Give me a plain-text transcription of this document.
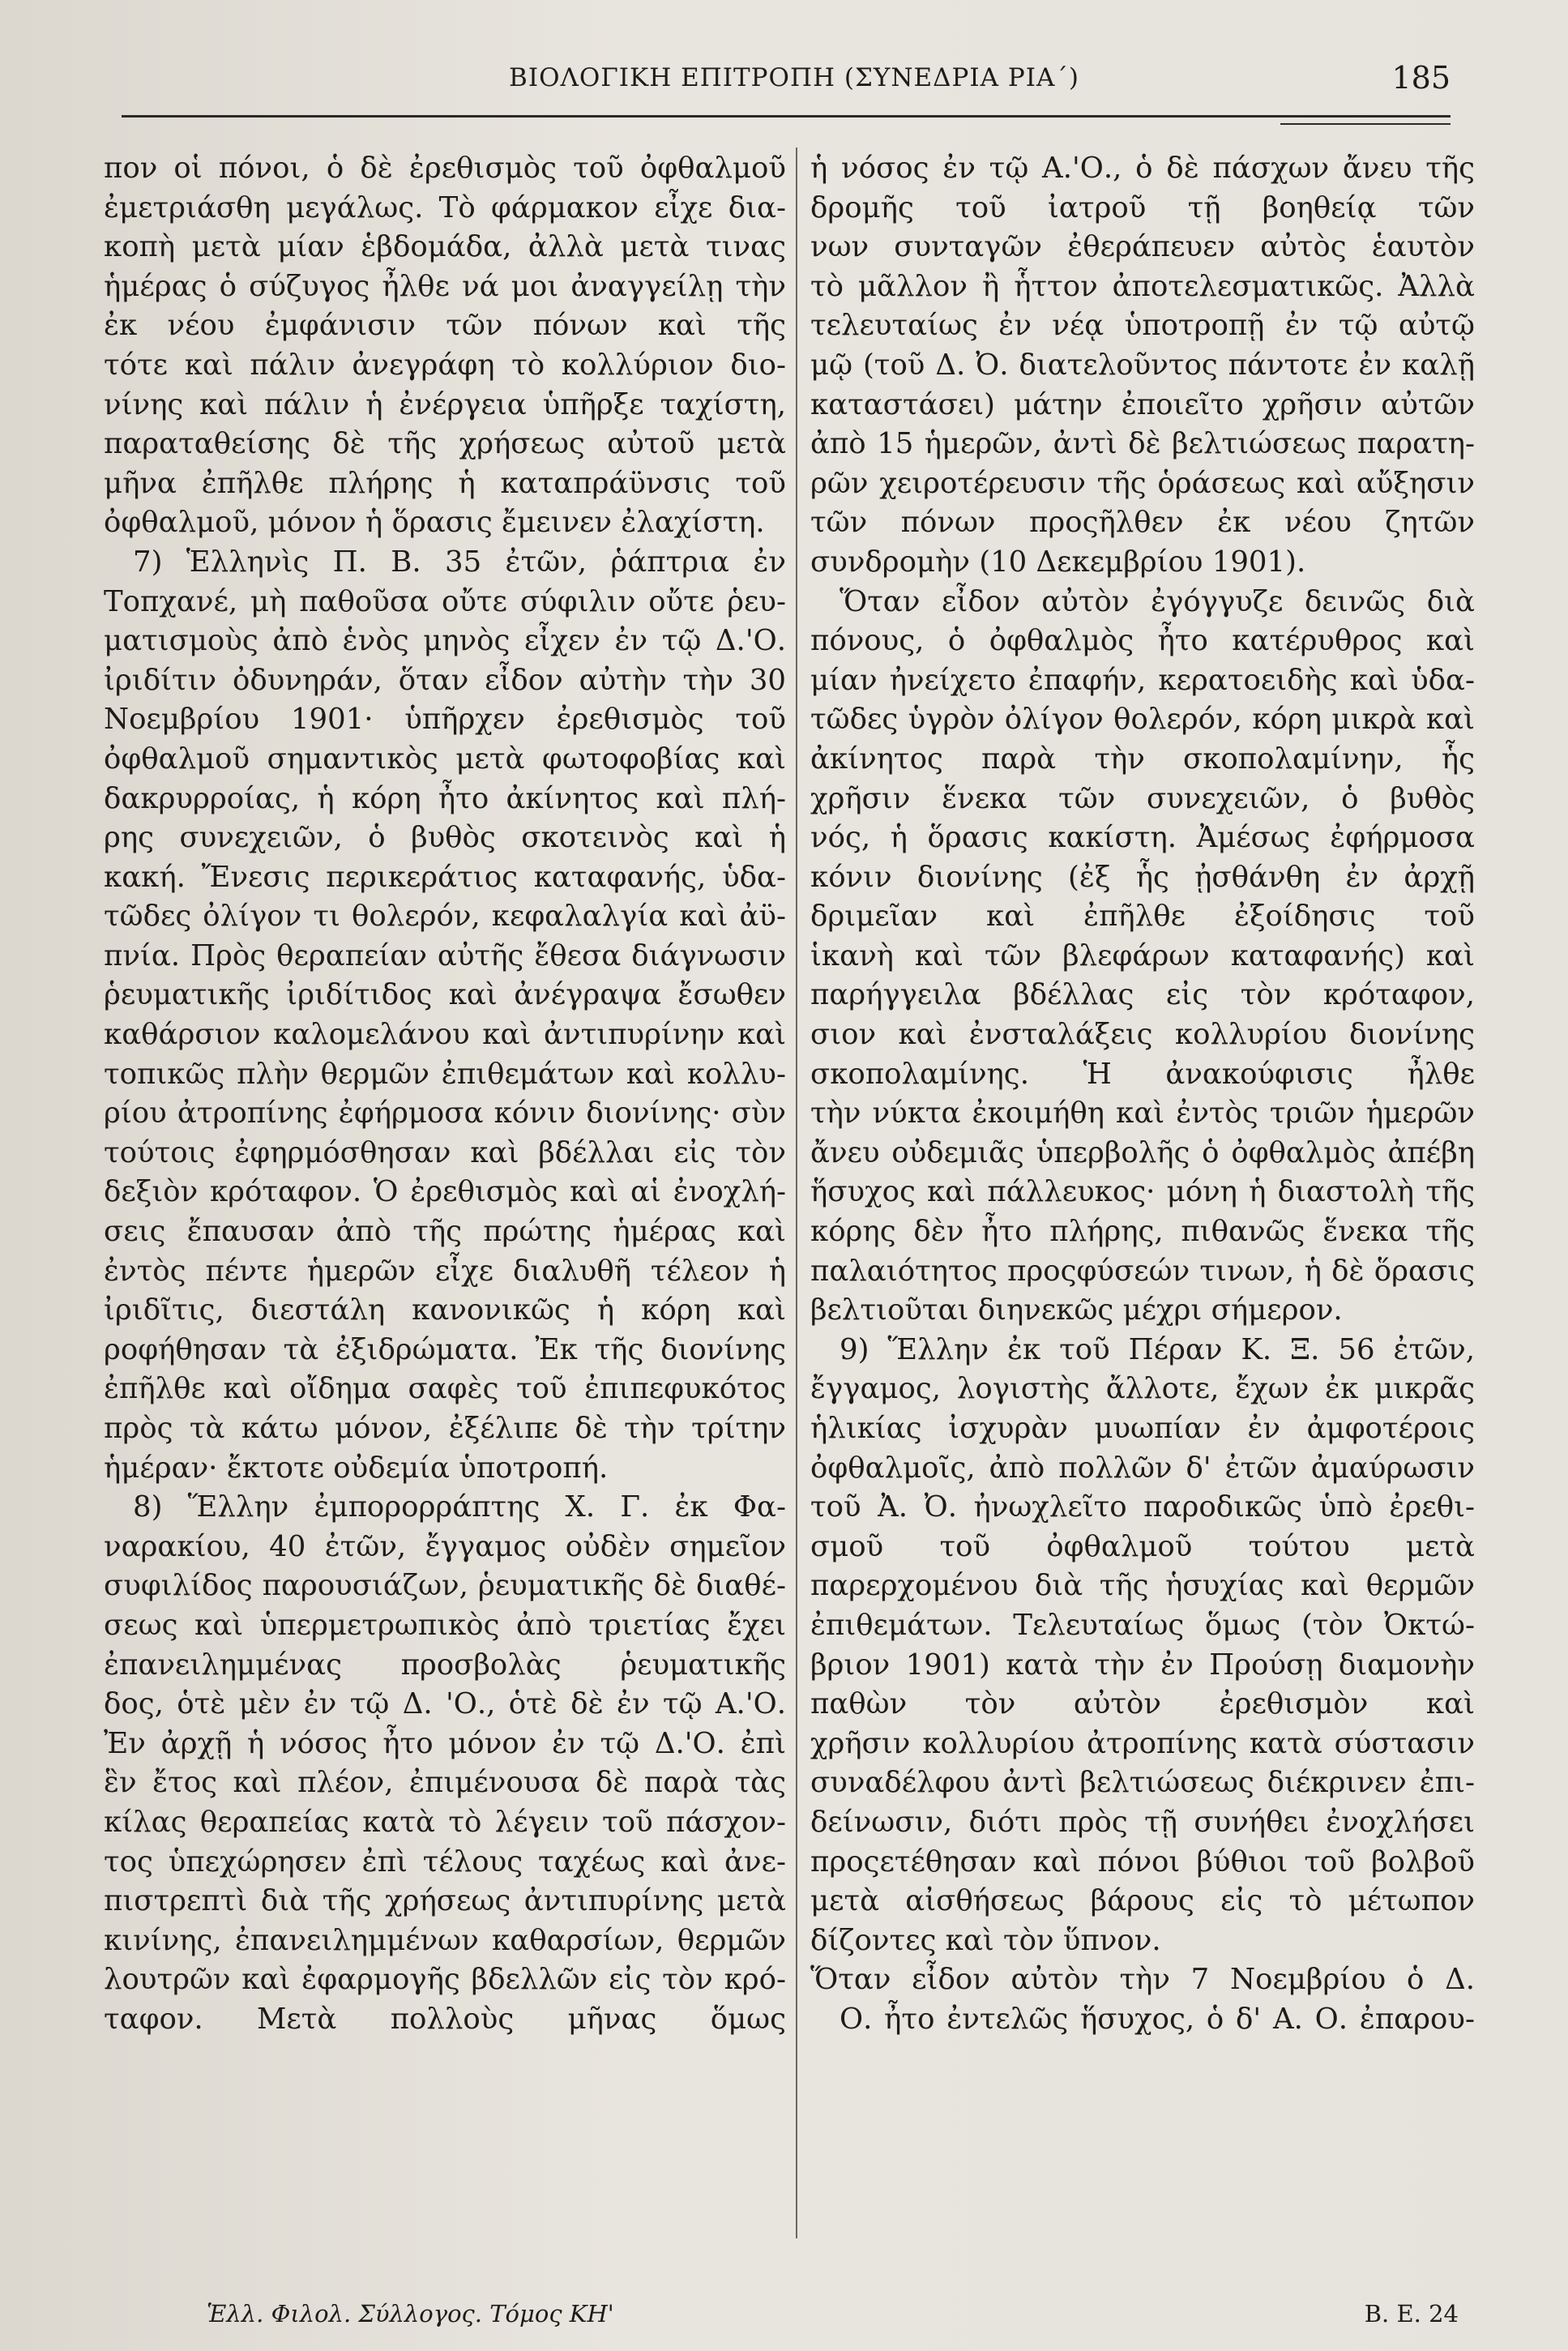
ΒΙΟΛΟΓΙΚΗ ΕΠΙΤΡΟΠΗ (ΣΥΝΕΔΡΙΑ ΡΙΑ΄)	185
πον οἱ πόνοι, ὁ δὲ ἐρεθισμὸς τοῦ ὀφθαλμοῦ
ἐμετριάσθη μεγάλως. Τὸ φάρμακον εἶχε δια-
κοπὴ μετὰ μίαν ἑβδομάδα, ἀλλὰ μετὰ τινας
ἡμέρας ὁ σύζυγος ἦλθε νά μοι ἀναγγείλῃ τὴν
ἐκ νέου ἐμφάνισιν τῶν πόνων καὶ τῆς
τότε καὶ πάλιν ἀνεγράφη τὸ κολλύριον διο-
νίνης καὶ πάλιν ἡ ἐνέργεια ὑπῆρξε ταχίστη,
παραταθείσης δὲ τῆς χρήσεως αὐτοῦ μετὰ
μῆνα ἐπῆλθε πλήρης ἡ καταπράϋνσις τοῦ
ὀφθαλμοῦ, μόνον ἡ ὅρασις ἔμεινεν ἐλαχίστη.
7) Ἑλληνὶς Π. Β. 35 ἐτῶν, ῥάπτρια ἐν
Τοπχανέ, μὴ παθοῦσα οὔτε σύφιλιν οὔτε ῥευ-
ματισμοὺς ἀπὸ ἑνὸς μηνὸς εἶχεν ἐν τῷ Δ.'Ο.
ἰριδίτιν ὀδυνηράν, ὅταν εἶδον αὐτὴν τὴν 30
Νοεμβρίου 1901· ὑπῆρχεν ἐρεθισμὸς τοῦ
ὀφθαλμοῦ σημαντικὸς μετὰ φωτοφοβίας καὶ
δακρυρροίας, ἡ κόρη ἦτο ἀκίνητος καὶ πλή-
ρης συνεχειῶν, ὁ βυθὸς σκοτεινὸς καὶ ἡ
κακή. Ἔνεσις περικεράτιος καταφανής, ὑδα-
τῶδες ὀλίγον τι θολερόν, κεφαλαλγία καὶ ἀϋ-
πνία. Πρὸς θεραπείαν αὐτῆς ἔθεσα διάγνωσιν
ῥευματικῆς ἰριδίτιδος καὶ ἀνέγραψα ἔσωθεν
καθάρσιον καλομελάνου καὶ ἀντιπυρίνην καὶ
τοπικῶς πλὴν θερμῶν ἐπιθεμάτων καὶ κολλυ-
ρίου ἀτροπίνης ἐφήρμοσα κόνιν διονίνης· σὺν
τούτοις ἐφηρμόσθησαν καὶ βδέλλαι εἰς τὸν
δεξιὸν κρόταφον. Ὁ ἐρεθισμὸς καὶ αἱ ἐνοχλή-
σεις ἔπαυσαν ἀπὸ τῆς πρώτης ἡμέρας καὶ
ἐντὸς πέντε ἡμερῶν εἶχε διαλυθῆ τέλεον ἡ
ἰριδῖτις, διεστάλη κανονικῶς ἡ κόρη καὶ
ροφήθησαν τὰ ἐξιδρώματα. Ἐκ τῆς διονίνης
ἐπῆλθε καὶ οἴδημα σαφὲς τοῦ ἐπιπεφυκότος
πρὸς τὰ κάτω μόνον, ἐξέλιπε δὲ τὴν τρίτην
ἡμέραν· ἔκτοτε οὐδεμία ὑποτροπή.
8) Ἕλλην ἐμπορορράπτης Χ. Γ. ἐκ Φα-
ναρακίου, 40 ἐτῶν, ἔγγαμος οὐδὲν σημεῖον
συφιλίδος παρουσιάζων, ῥευματικῆς δὲ διαθέ-
σεως καὶ ὑπερμετρωπικὸς ἀπὸ τριετίας ἔχει
ἐπανειλημμένας προσβολὰς ῥευματικῆς
δος, ὁτὲ μὲν ἐν τῷ Δ. 'Ο., ὁτὲ δὲ ἐν τῷ Α.'Ο.
Ἐν ἀρχῇ ἡ νόσος ἦτο μόνον ἐν τῷ Δ.'Ο. ἐπὶ
ἓν ἔτος καὶ πλέον, ἐπιμένουσα δὲ παρὰ τὰς
κίλας θεραπείας κατὰ τὸ λέγειν τοῦ πάσχον-
τος ὑπεχώρησεν ἐπὶ τέλους ταχέως καὶ ἀνε-
πιστρεπτὶ διὰ τῆς χρήσεως ἀντιπυρίνης μετὰ
κινίνης, ἐπανειλημμένων καθαρσίων, θερμῶν
λουτρῶν καὶ ἐφαρμογῆς βδελλῶν εἰς τὸν κρό-
ταφον. Μετὰ πολλοὺς μῆνας ὅμως
ἡ νόσος ἐν τῷ Α.'Ο., ὁ δὲ πάσχων ἄνευ τῆς
δρομῆς τοῦ ἰατροῦ τῇ βοηθείᾳ τῶν
νων συνταγῶν ἐθεράπευεν αὐτὸς ἑαυτὸν
τὸ μᾶλλον ἢ ἧττον ἀποτελεσματικῶς. Ἀλλὰ
τελευταίως ἐν νέᾳ ὑποτροπῇ ἐν τῷ αὐτῷ
μῷ (τοῦ Δ. Ὀ. διατελοῦντος πάντοτε ἐν καλῇ
καταστάσει) μάτην ἐποιεῖτο χρῆσιν αὐτῶν
ἀπὸ 15 ἡμερῶν, ἀντὶ δὲ βελτιώσεως παρατη-
ρῶν χειροτέρευσιν τῆς ὁράσεως καὶ αὔξησιν
τῶν πόνων προςῆλθεν ἐκ νέου ζητῶν
συνδρομὴν (10 Δεκεμβρίου 1901).
Ὅταν εἶδον αὐτὸν ἐγόγγυζε δεινῶς διὰ
πόνους, ὁ ὀφθαλμὸς ἦτο κατέρυθρος καὶ
μίαν ἠνείχετο ἐπαφήν, κερατοειδὴς καὶ ὑδα-
τῶδες ὑγρὸν ὀλίγον θολερόν, κόρη μικρὰ καὶ
ἀκίνητος παρὰ τὴν σκοπολαμίνην, ἧς
χρῆσιν ἕνεκα τῶν συνεχειῶν, ὁ βυθὸς
νός, ἡ ὅρασις κακίστη. Ἀμέσως ἐφήρμοσα
κόνιν διονίνης (ἐξ ἧς ᾐσθάνθη ἐν ἀρχῇ
δριμεῖαν καὶ ἐπῆλθε ἐξοίδησις τοῦ
ἱκανὴ καὶ τῶν βλεφάρων καταφανής) καὶ
παρήγγειλα βδέλλας εἰς τὸν κρόταφον,
σιον καὶ ἐνσταλάξεις κολλυρίου διονίνης
σκοπολαμίνης. Ἡ ἀνακούφισις ἦλθε
τὴν νύκτα ἐκοιμήθη καὶ ἐντὸς τριῶν ἡμερῶν
ἄνευ οὐδεμιᾶς ὑπερβολῆς ὁ ὀφθαλμὸς ἀπέβη
ἥσυχος καὶ πάλλευκος· μόνη ἡ διαστολὴ τῆς
κόρης δὲν ἦτο πλήρης, πιθανῶς ἕνεκα τῆς
παλαιότητος προςφύσεών τινων, ἡ δὲ ὅρασις
βελτιοῦται διηνεκῶς μέχρι σήμερον.
9) Ἕλλην ἐκ τοῦ Πέραν Κ. Ξ. 56 ἐτῶν,
ἔγγαμος, λογιστὴς ἄλλοτε, ἔχων ἐκ μικρᾶς
ἡλικίας ἰσχυρὰν μυωπίαν ἐν ἀμφοτέροις
ὀφθαλμοῖς, ἀπὸ πολλῶν δ' ἐτῶν ἀμαύρωσιν
τοῦ Ἀ. Ὀ. ἠνωχλεῖτο παροδικῶς ὑπὸ ἐρεθι-
σμοῦ τοῦ ὀφθαλμοῦ τούτου μετὰ
παρερχομένου διὰ τῆς ἡσυχίας καὶ θερμῶν
ἐπιθεμάτων. Τελευταίως ὅμως (τὸν Ὀκτώ-
βριον 1901) κατὰ τὴν ἐν Προύσῃ διαμονὴν
παθὼν τὸν αὐτὸν ἐρεθισμὸν καὶ
χρῆσιν κολλυρίου ἀτροπίνης κατὰ σύστασιν
συναδέλφου ἀντὶ βελτιώσεως διέκρινεν ἐπι-
δείνωσιν, διότι πρὸς τῇ συνήθει ἐνοχλήσει
προςετέθησαν καὶ πόνοι βύθιοι τοῦ βολβοῦ
μετὰ αἰσθήσεως βάρους εἰς τὸ μέτωπον
δίζοντες καὶ τὸν ὕπνον.
Ὅταν εἶδον αὐτὸν τὴν 7 Νοεμβρίου ὁ Δ.
Ο. ἦτο ἐντελῶς ἥσυχος, ὁ δ' Α. Ο. ἐπαρου-
Ἑλλ. Φιλολ. Σύλλογος. Τόμος ΚΗ'	Β. Ε. 24
